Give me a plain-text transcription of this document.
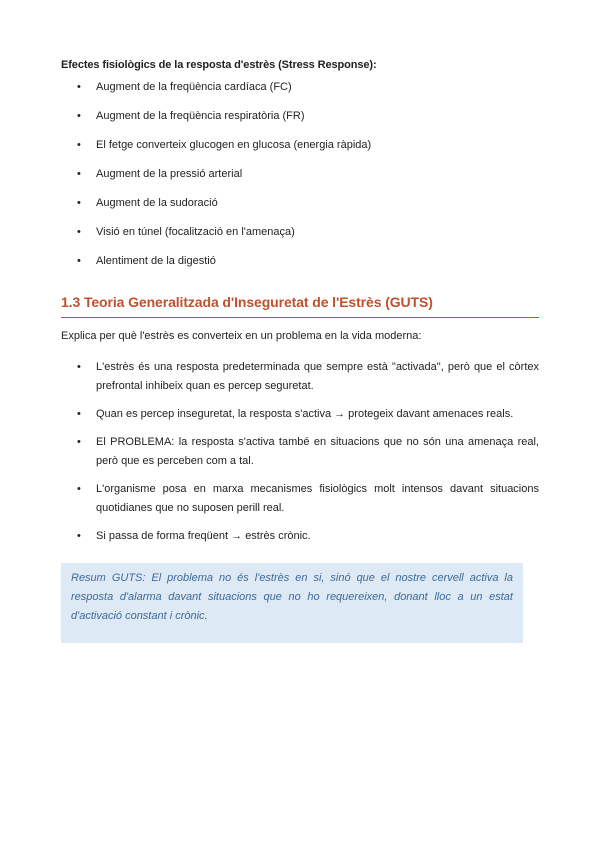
Efectes fisiològics de la resposta d'estrès (Stress Response):
• Augment de la freqüència cardíaca (FC)
• Augment de la freqüència respiratòria (FR)
• El fetge converteix glucogen en glucosa (energia ràpida)
• Augment de la pressió arterial
• Augment de la sudoració
• Visió en túnel (focalització en l'amenaça)
• Alentiment de la digestió
1.3 Teoria Generalitzada d'Inseguretat de l'Estrès (GUTS)
Explica per què l'estrès es converteix en un problema en la vida moderna:
• L'estrès és una resposta predeterminada que sempre està "activada", però que el còrtex prefrontal inhibeix quan es percep seguretat.
• Quan es percep inseguretat, la resposta s'activa → protegeix davant amenaces reals.
• El PROBLEMA: la resposta s'activa també en situacions que no són una amenaça real, però que es perceben com a tal.
• L'organisme posa en marxa mecanismes fisiològics molt intensos davant situacions quotidianes que no suposen perill real.
• Si passa de forma freqüent → estrès crònic.
Resum GUTS: El problema no és l'estrès en si, sinó que el nostre cervell activa la resposta d'alarma davant situacions que no ho requereixen, donant lloc a un estat d'activació constant i crònic.
